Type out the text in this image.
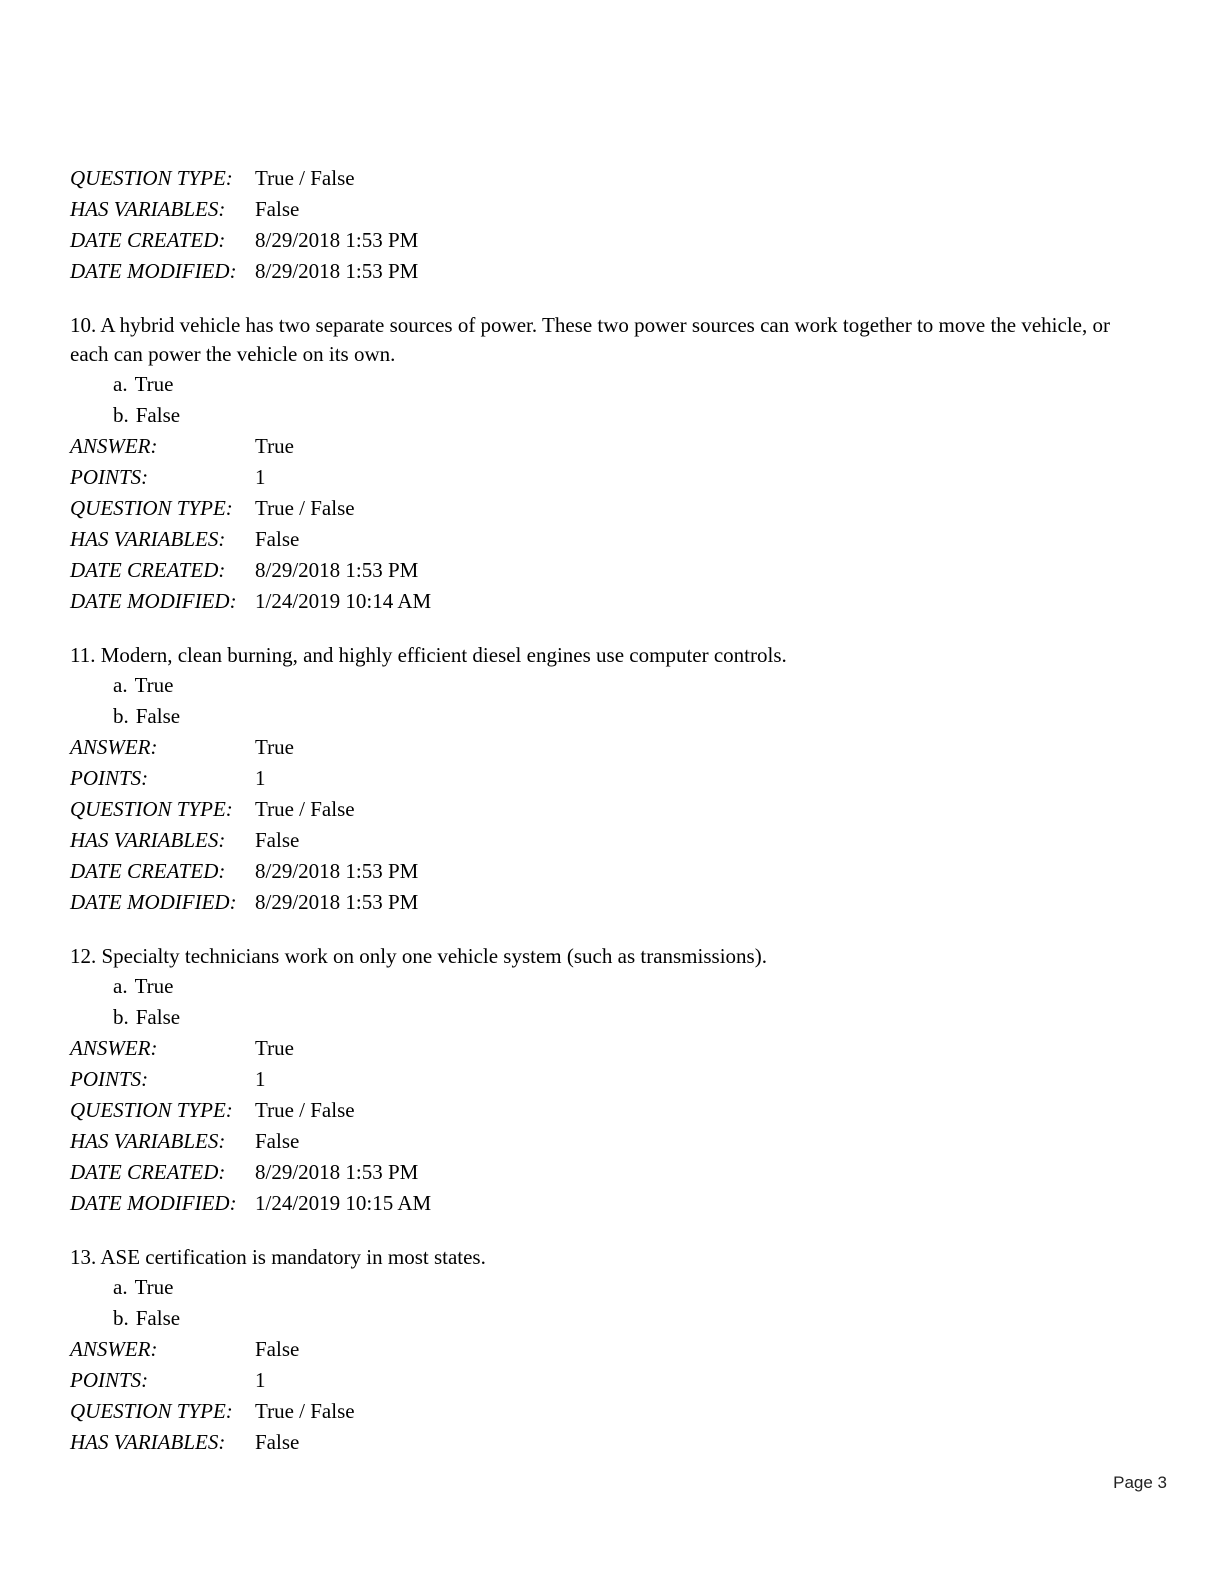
QUESTION TYPE:	True / False
HAS VARIABLES:	False
DATE CREATED:	8/29/2018 1:53 PM
DATE MODIFIED: 8/29/2018 1:53 PM
10. A hybrid vehicle has two separate sources of power. These two power sources can work together to move the vehicle, or each can power the vehicle on its own.
a. True
b. False
ANSWER:	True
POINTS:	1
QUESTION TYPE:	True / False
HAS VARIABLES:	False
DATE CREATED:	8/29/2018 1:53 PM
DATE MODIFIED: 1/24/2019 10:14 AM
11. Modern, clean burning, and highly efficient diesel engines use computer controls.
a. True
b. False
ANSWER:	True
POINTS:	1
QUESTION TYPE:	True / False
HAS VARIABLES:	False
DATE CREATED:	8/29/2018 1:53 PM
DATE MODIFIED: 8/29/2018 1:53 PM
12. Specialty technicians work on only one vehicle system (such as transmissions).
a. True
b. False
ANSWER:	True
POINTS:	1
QUESTION TYPE:	True / False
HAS VARIABLES:	False
DATE CREATED:	8/29/2018 1:53 PM
DATE MODIFIED: 1/24/2019 10:15 AM
13. ASE certification is mandatory in most states.
a. True
b. False
ANSWER:	False
POINTS:	1
QUESTION TYPE:	True / False
HAS VARIABLES:	False
Page 3
